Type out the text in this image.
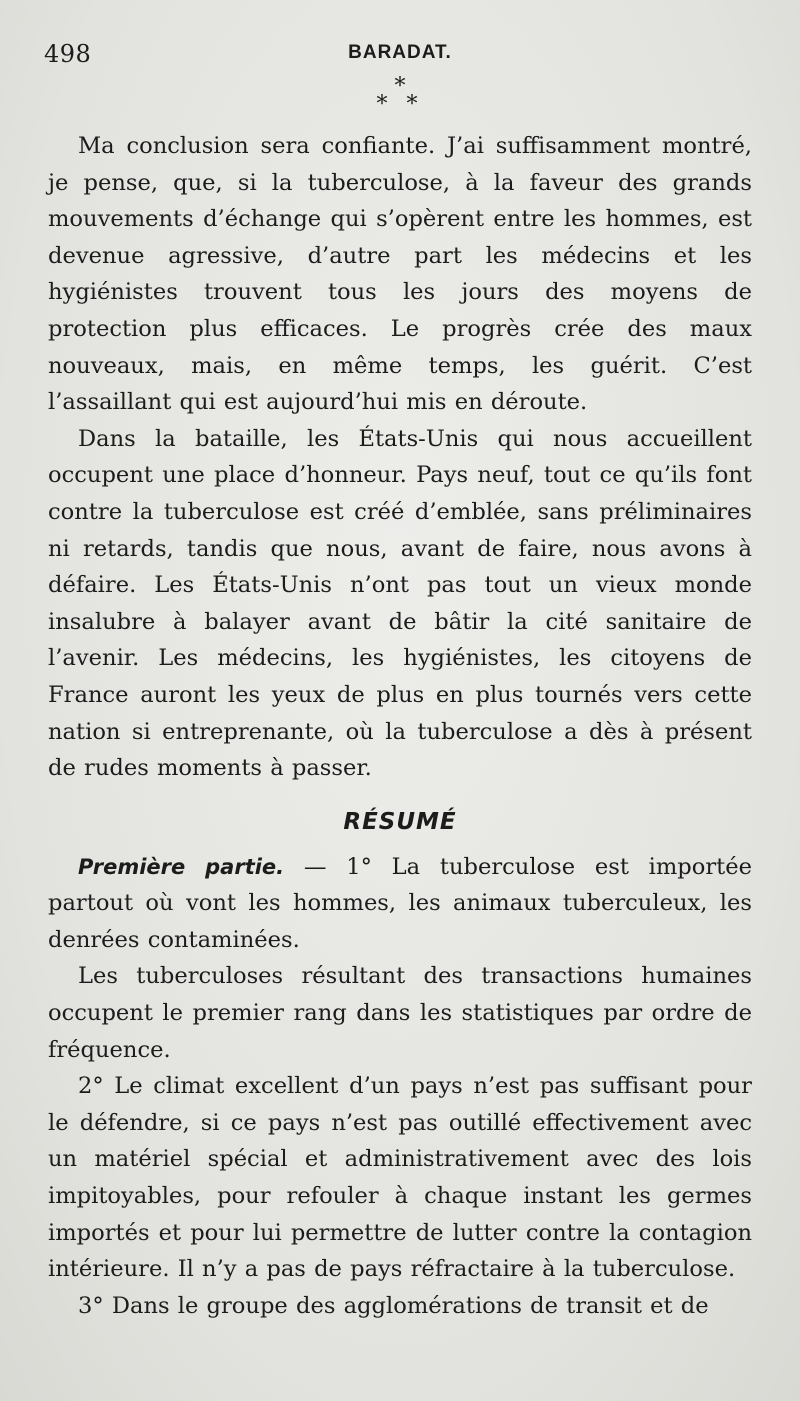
498	BARADAT.
*
* *

Ma conclusion sera confiante. J’ai suffisamment montré, je pense, que, si la tuberculose, à la faveur des grands mouvements d’échange qui s’opèrent entre les hommes, est devenue agressive, d’autre part les médecins et les hygiénistes trouvent tous les jours des moyens de protection plus efficaces. Le progrès crée des maux nouveaux, mais, en même temps, les guérit. C’est l’assaillant qui est aujourd’hui mis en déroute.

Dans la bataille, les États-Unis qui nous accueillent occupent une place d’honneur. Pays neuf, tout ce qu’ils font contre la tuberculose est créé d’emblée, sans préliminaires ni retards, tandis que nous, avant de faire, nous avons à défaire. Les États-Unis n’ont pas tout un vieux monde insalubre à balayer avant de bâtir la cité sanitaire de l’avenir. Les médecins, les hygiénistes, les citoyens de France auront les yeux de plus en plus tournés vers cette nation si entreprenante, où la tuberculose a dès à présent de rudes moments à passer.

RÉSUMÉ

Première partie. — 1° La tuberculose est importée partout où vont les hommes, les animaux tuberculeux, les denrées contaminées.

Les tuberculoses résultant des transactions humaines occupent le premier rang dans les statistiques par ordre de fréquence.

2° Le climat excellent d’un pays n’est pas suffisant pour le défendre, si ce pays n’est pas outillé effectivement avec un matériel spécial et administrativement avec des lois impitoyables, pour refouler à chaque instant les germes importés et pour lui permettre de lutter contre la contagion intérieure. Il n’y a pas de pays réfractaire à la tuberculose.

3° Dans le groupe des agglomérations de transit et de
